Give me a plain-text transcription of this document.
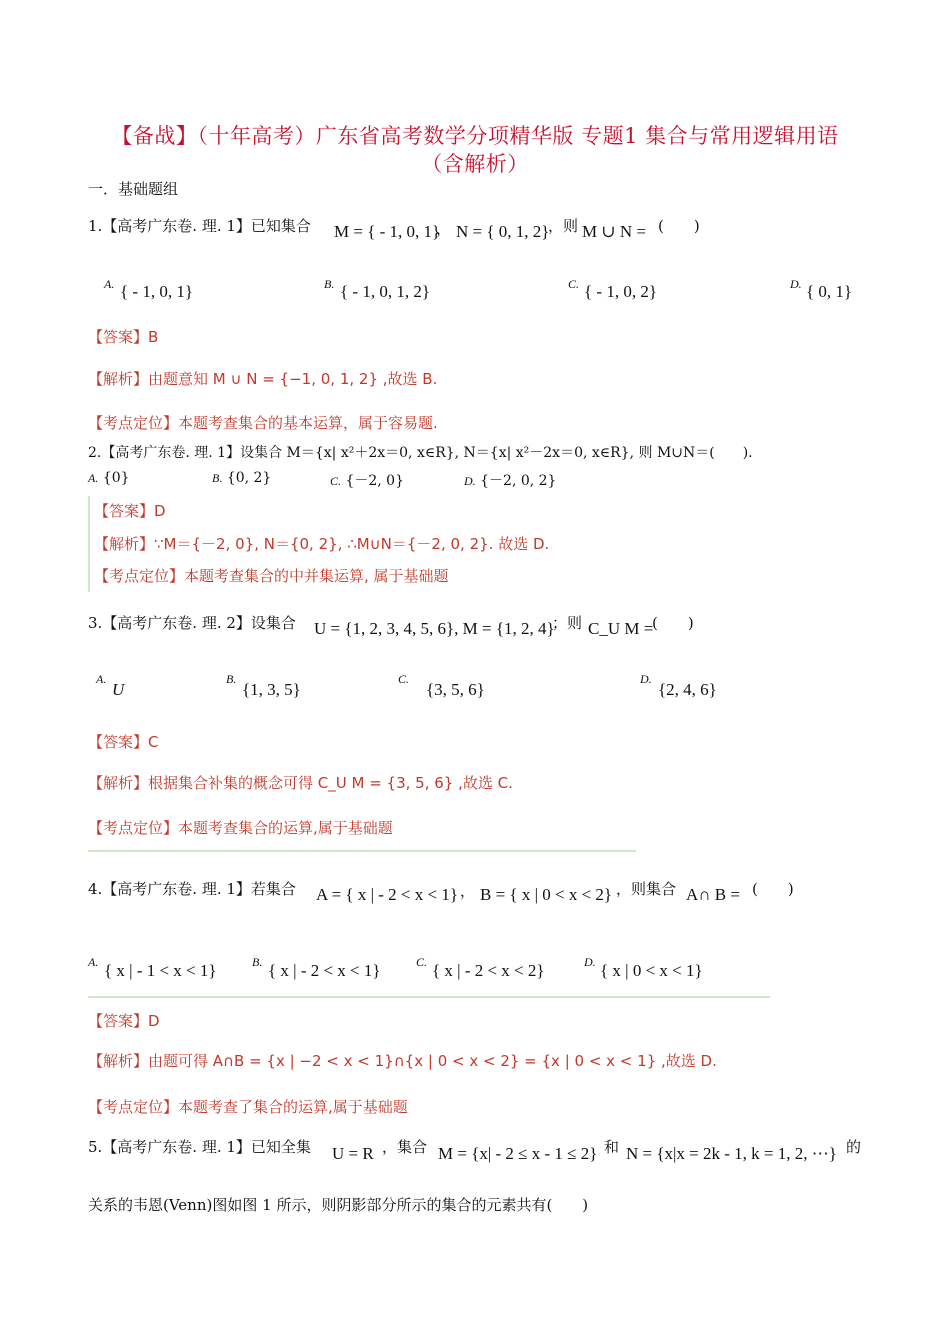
【备战】（十年高考）广东省高考数学分项精华版 专题1 集合与常用逻辑用语
（含解析）
一．基础题组
1.【高考广东卷. 理. 1】已知集合 M = { - 1, 0, 1}
， N = { 0, 1, 2}
，则 M ∪ N = (　　)
A. { - 1, 0, 1}	B. { - 1, 0, 1, 2}	C. { - 1, 0, 2}	D. { 0, 1}
【答案】B
【解析】由题意知 M ∪ N = {−1, 0, 1, 2} ,故选 B.
【考点定位】本题考查集合的基本运算，属于容易题.
2.【高考广东卷. 理. 1】设集合 M＝{x| x²＋2x＝0, x∈R}, N＝{x| x²－2x＝0, x∈R}, 则 M∪N＝(　　).
A. {0}	B. {0, 2}	C. {－2, 0}	D. {－2, 0, 2}
【答案】D
【解析】∵M＝{－2, 0}, N＝{0, 2}, ∴M∪N＝{－2, 0, 2}. 故选 D.
【考点定位】本题考查集合的中并集运算, 属于基础题
3.【高考广东卷. 理. 2】设集合 U = {1, 2, 3, 4, 5, 6}, M = {1, 2, 4}
；则 C_U M =
(　　)
A.
U
B.
{1, 3, 5}
C.
{3, 5, 6}
D.
{2, 4, 6}
【答案】C
【解析】根据集合补集的概念可得 C_U M = {3, 5, 6} ,故选 C.
【考点定位】本题考查集合的运算,属于基础题
4.【高考广东卷. 理. 1】若集合 A = { x | - 2 < x < 1} ， B = { x | 0 < x < 2} ，则集合 A∩ B = (　　)
A. { x | - 1 < x < 1}	B. { x | - 2 < x < 1}	C. { x | - 2 < x < 2}	D. { x | 0 < x < 1}
【答案】D
【解析】由题可得 A∩B = {x | −2 < x < 1}∩{x | 0 < x < 2} = {x | 0 < x < 1} ,故选 D.
【考点定位】本题考查了集合的运算,属于基础题
5.【高考广东卷. 理. 1】已知全集 U = R ，集合 M = {x| - 2 ≤ x - 1 ≤ 2} 和 N = {x|x = 2k - 1, k = 1, 2, ⋯} 的
关系的韦恩(Venn)图如图 1 所示，则阴影部分所示的集合的元素共有(　　)
